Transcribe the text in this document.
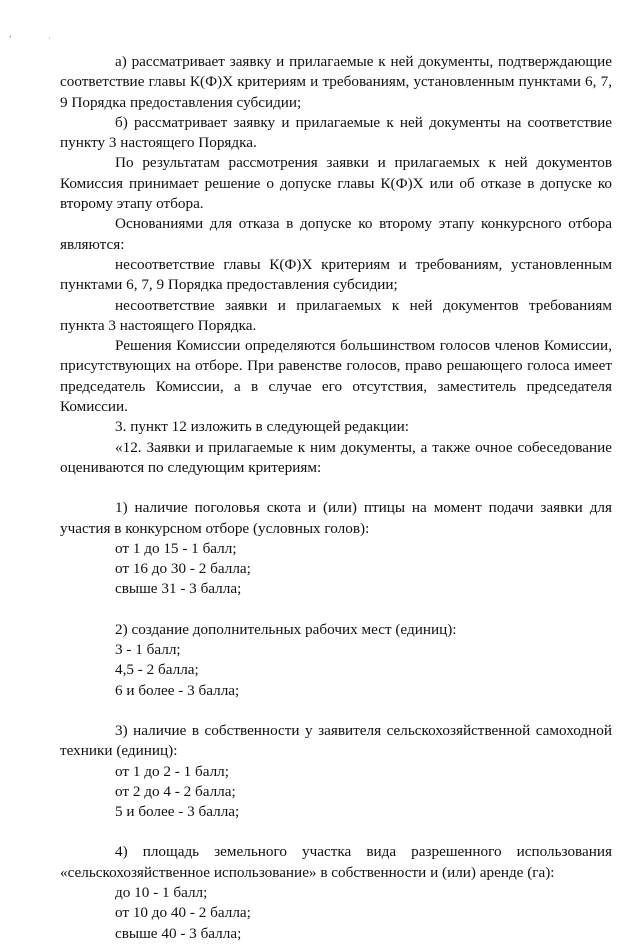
ʻ	·

а) рассматривает заявку и прилагаемые к ней документы, подтверждающие соответствие главы К(Ф)Х критериям и требованиям, установленным пунктами 6, 7, 9 Порядка предоставления субсидии;

б) рассматривает заявку и прилагаемые к ней документы на соответствие пункту 3 настоящего Порядка.

По результатам рассмотрения заявки и прилагаемых к ней документов Комиссия принимает решение о допуске главы К(Ф)Х или об отказе в допуске ко второму этапу отбора.

Основаниями для отказа в допуске ко второму этапу конкурсного отбора являются:

несоответствие главы К(Ф)Х критериям и требованиям, установленным пунктами 6, 7, 9 Порядка предоставления субсидии;

несоответствие заявки и прилагаемых к ней документов требованиям пункта 3 настоящего Порядка.

Решения Комиссии определяются большинством голосов членов Комиссии, присутствующих на отборе. При равенстве голосов, право решающего голоса имеет председатель Комиссии, а в случае его отсутствия, заместитель председателя Комиссии.

3. пункт 12 изложить в следующей редакции:

«12. Заявки и прилагаемые к ним документы, а также очное собеседование оцениваются по следующим критериям:

1) наличие поголовья скота и (или) птицы на момент подачи заявки для участия в конкурсном отборе (условных голов):

от 1 до 15 - 1 балл;

от 16 до 30 - 2 балла;

свыше 31 - 3 балла;

2) создание дополнительных рабочих мест (единиц):

3 - 1 балл;

4,5 - 2 балла;

6 и более - 3 балла;

3) наличие в собственности у заявителя сельскохозяйственной самоходной техники (единиц):

от 1 до 2 - 1 балл;

от 2 до 4 - 2 балла;

5 и более - 3 балла;

4) площадь земельного участка вида разрешенного использования «сельскохозяйственное использование» в собственности и (или) аренде (га):

до 10 - 1 балл;

от 10 до 40 - 2 балла;

свыше 40 - 3 балла;
